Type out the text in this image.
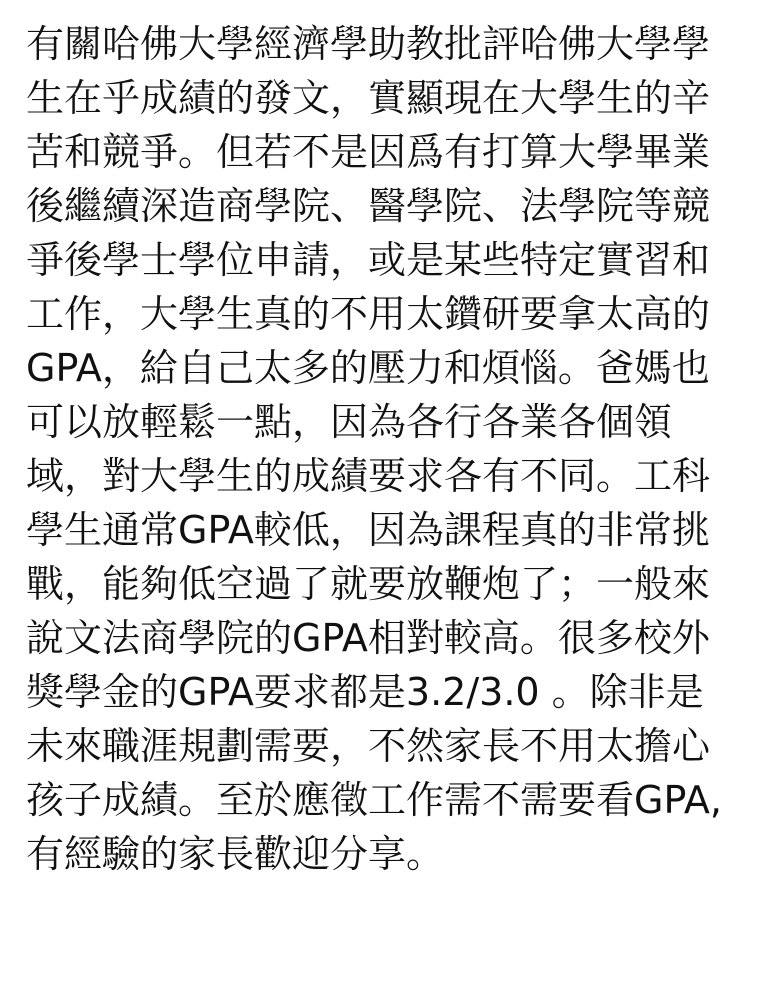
有關哈佛大學經濟學助教批評哈佛大學學
生在乎成績的發文，實顯現在大學生的辛
苦和競爭。但若不是因爲有打算大學畢業
後繼續深造商學院、醫學院、法學院等競
爭後學士學位申請，或是某些特定實習和
工作，大學生真的不用太鑽研要拿太高的
GPA，給自己太多的壓力和煩惱。爸媽也
可以放輕鬆一點，因為各行各業各個領
域，對大學生的成績要求各有不同。工科
學生通常GPA較低，因為課程真的非常挑
戰，能夠低空過了就要放鞭炮了；一般來
說文法商學院的GPA相對較高。很多校外
獎學金的GPA要求都是3.2/3.0 。除非是
未來職涯規劃需要，不然家長不用太擔心
孩子成績。至於應徵工作需不需要看GPA,
有經驗的家長歡迎分享。
